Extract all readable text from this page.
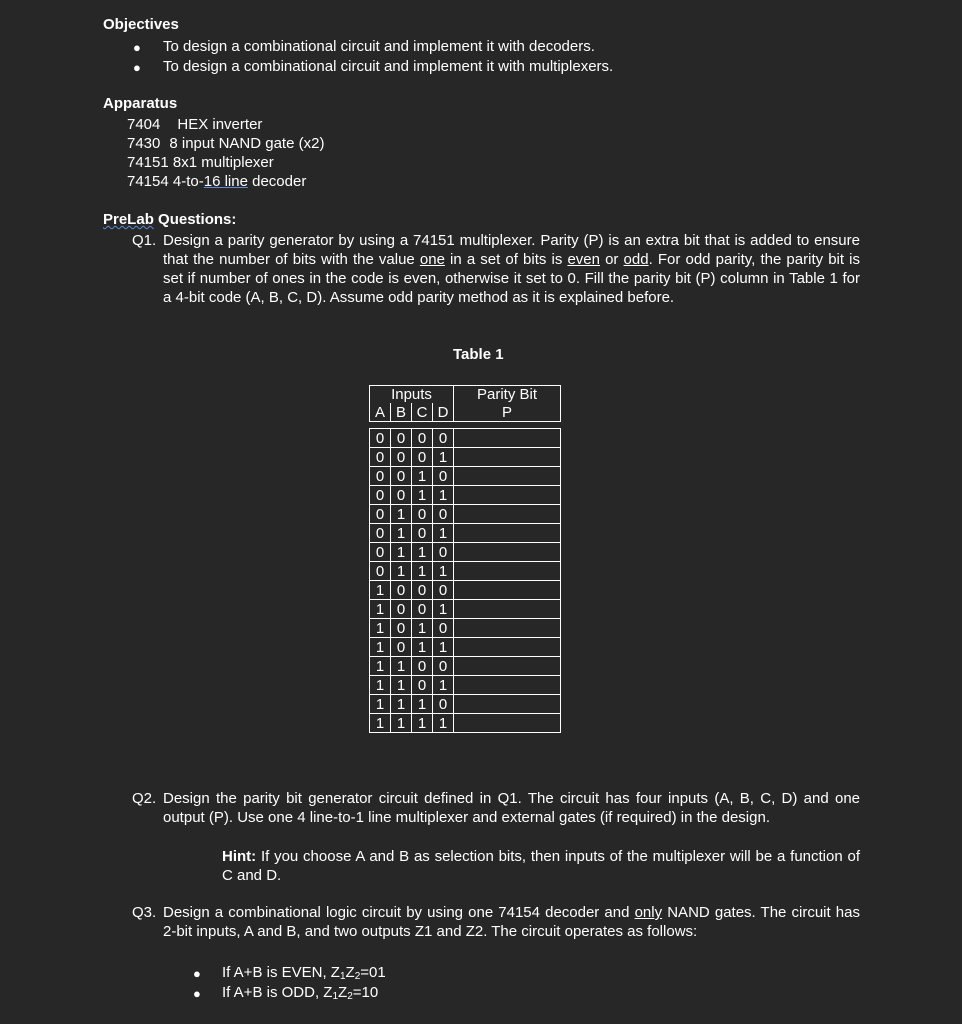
Objectives
● To design a combinational circuit and implement it with decoders.
● To design a combinational circuit and implement it with multiplexers.
Apparatus
7404 HEX inverter
7430 8 input NAND gate (x2)
74151 8x1 multiplexer
74154 4-to-16 line decoder
PreLab Questions:
Q1. Design a parity generator by using a 74151 multiplexer. Parity (P) is an extra bit that is added to ensure that the number of bits with the value one in a set of bits is even or odd. For odd parity, the parity bit is set if number of ones in the code is even, otherwise it set to 0. Fill the parity bit (P) column in Table 1 for a 4-bit code (A, B, C, D). Assume odd parity method as it is explained before.
Table 1
Inputs				Parity Bit
A	B	C	D	P

0	0	0	0	
0	0	0	1	
0	0	1	0	
0	0	1	1	
0	1	0	0	
0	1	0	1	
0	1	1	0	
0	1	1	1	
1	0	0	0	
1	0	0	1	
1	0	1	0	
1	0	1	1	
1	1	0	0	
1	1	0	1	
1	1	1	0	
1	1	1	1	
Q2. Design the parity bit generator circuit defined in Q1. The circuit has four inputs (A, B, C, D) and one output (P). Use one 4 line-to-1 line multiplexer and external gates (if required) in the design.
Hint: If you choose A and B as selection bits, then inputs of the multiplexer will be a function of C and D.
Q3. Design a combinational logic circuit by using one 74154 decoder and only NAND gates. The circuit has 2-bit inputs, A and B, and two outputs Z1 and Z2. The circuit operates as follows:
● If A+B is EVEN, $Z_1Z_2=01$
● If A+B is ODD, $Z_1Z_2=10$
